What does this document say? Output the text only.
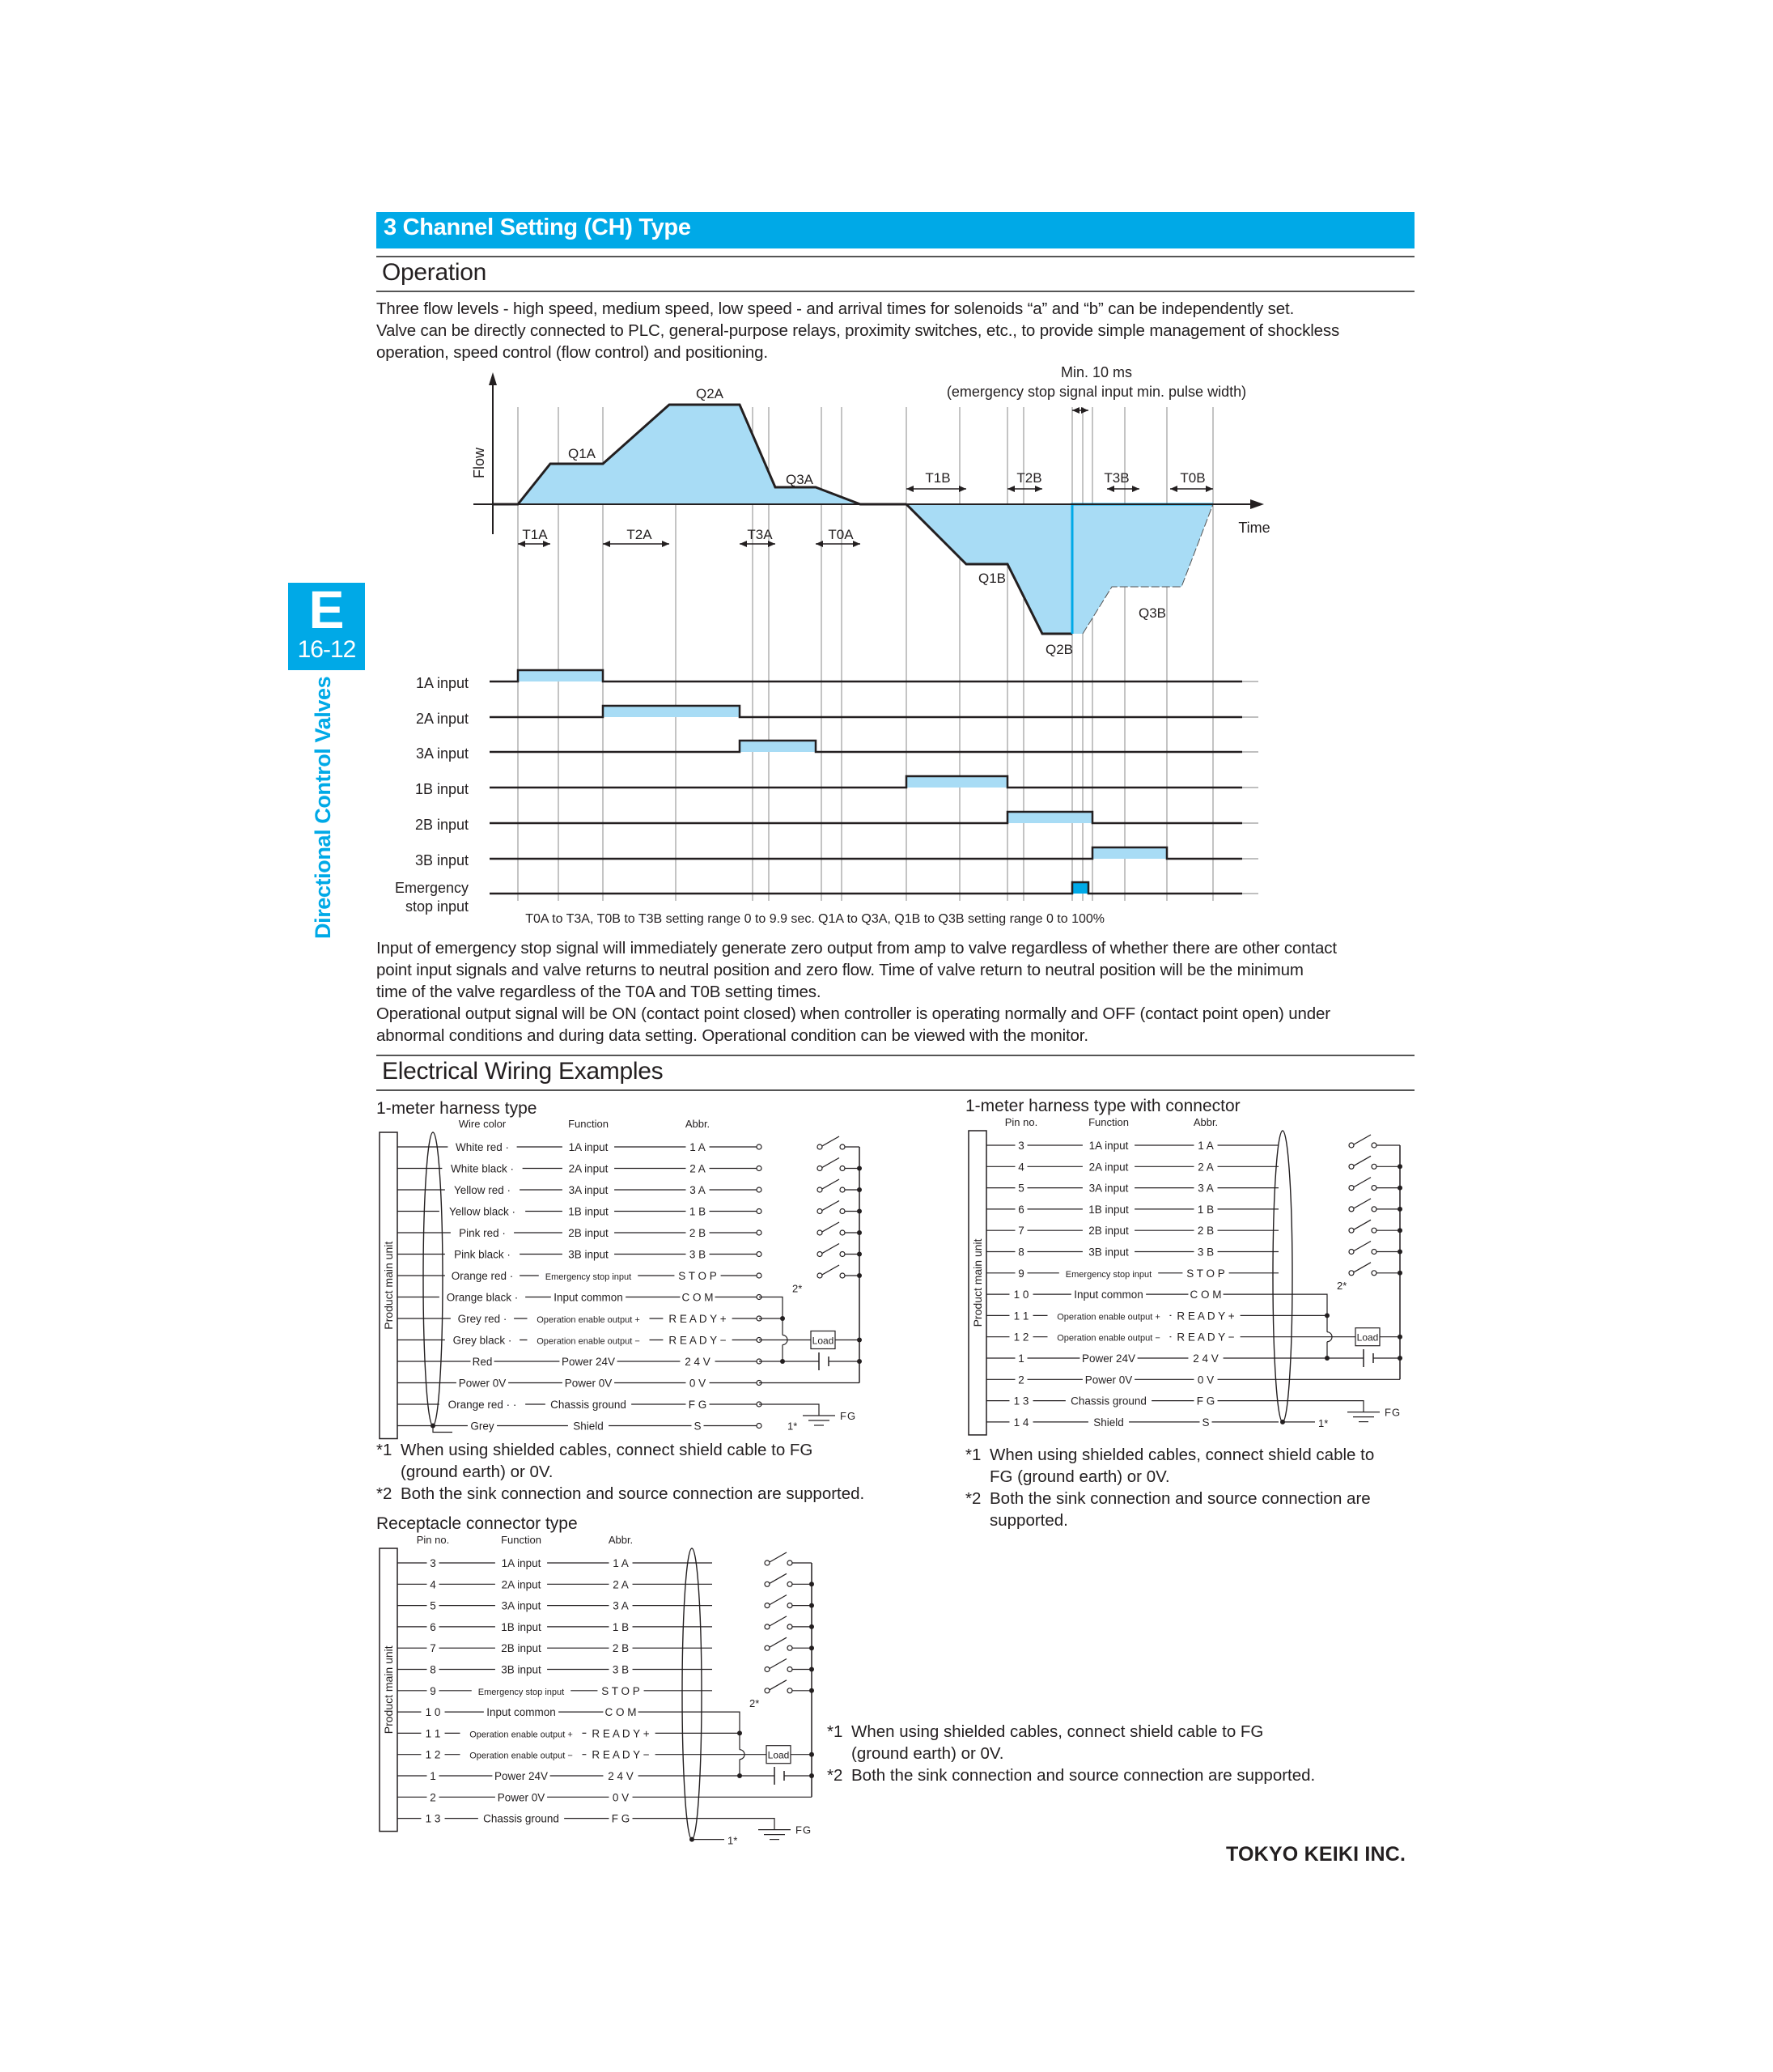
3 Channel Setting (CH) Type
E
16-12
Directional Control Valves
Operation

Three flow levels - high speed, medium speed, low speed - and arrival times for solenoids “a” and “b” can be independently set.

Valve can be directly connected to PLC, general-purpose relays, proximity switches, etc., to provide simple management of shockless

operation, speed control (flow control) and positioning.

Min. 10 ms
(emergency stop signal input min. pulse width)
Flow
Time
Q1A
Q2A
Q3A
Q1B
Q2B
Q3B
T1A	T2A	T3A	T0A
T1B	T2B	T3B	T0B
1A input
2A input
3A input
1B input
2B input
3B input
Emergency
stop input
T0A to T3A, T0B to T3B setting range 0 to 9.9 sec. Q1A to Q3A, Q1B to Q3B setting range 0 to 100%

Input of emergency stop signal will immediately generate zero output from amp to valve regardless of whether there are other contact

point input signals and valve returns to neutral position and zero flow. Time of valve return to neutral position will be the minimum

time of the valve regardless of the T0A and T0B setting times.

Operational output signal will be ON (contact point closed) when controller is operating normally and OFF (contact point open) under

abnormal conditions and during data setting. Operational condition can be viewed with the monitor.

Electrical Wiring Examples
1-meter harness type	1-meter harness type with connector
Receptacle connector type
Wire color	Function	Abbr.
Product main unit
White red ·	1A input	1 A
White black ·	2A input	2 A
Yellow red ·	3A input	3 A
Yellow black ·	1B input	1 B
Pink red ·	2B input	2 B
Pink black ·	3B input	3 B
Orange red ·	Emergency stop input	S T O P
Orange black ·	Input common	C O M
Grey red ·	Operation enable output +	R E A D Y +
Grey black ·	Operation enable output −	R E A D Y −
Red	Power 24V	2 4 V
Power 0V	Power 0V	0 V
Orange red · ·	Chassis ground	F G
Grey	Shield	S
2*
Load
FG
1*
Pin no.	Function	Abbr.
Product main unit
3	1A input	1 A
4	2A input	2 A
5	3A input	3 A
6	1B input	1 B
7	2B input	2 B
8	3B input	3 B
9	Emergency stop input	S T O P
1 0	Input common	C O M
1 1	Operation enable output + R E A D Y +
1 2	Operation enable output − R E A D Y −
1	Power 24V	2 4 V
2	Power 0V	0 V
1 3	Chassis ground	F G
1 4	Shield	S
2*
Load
FG
1*
Pin no.	Function	Abbr.
Product main unit
3	1A input	1 A
4	2A input	2 A
5	3A input	3 A
6	1B input	1 B
7	2B input	2 B
8	3B input	3 B
9	Emergency stop input	S T O P
1 0	Input common	C O M
1 1	Operation enable output + R E A D Y +
1 2	Operation enable output − R E A D Y −
1	Power 24V	2 4 V
2	Power 0V	0 V
1 3	Chassis ground	F G
2*
Load
FG
1*
*1 When using shielded cables, connect shield cable to FG
(ground earth) or 0V.
*2 Both the sink connection and source connection are supported.
*1 When using shielded cables, connect shield cable to
FG (ground earth) or 0V.
*2 Both the sink connection and source connection are
supported.
*1 When using shielded cables, connect shield cable to FG
(ground earth) or 0V.
*2 Both the sink connection and source connection are supported.
TOKYO KEIKI INC.
